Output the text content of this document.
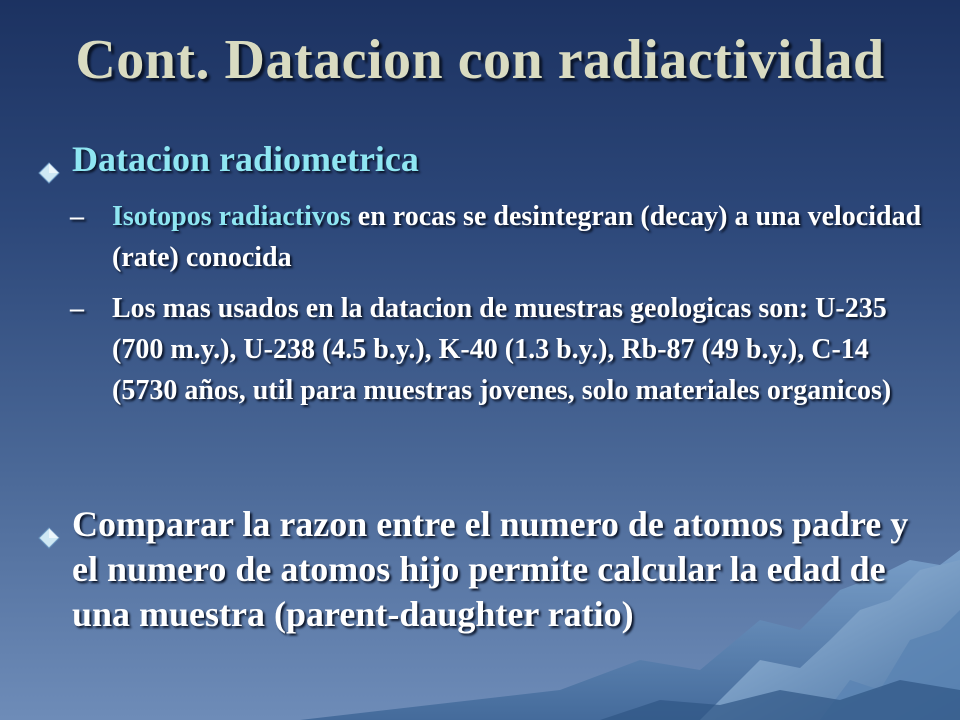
Cont. Datacion con radiactividad
Datacion radiometrica
–	Isotopos radiactivos en rocas se desintegran (decay) a una velocidad (rate) conocida
–	Los mas usados en la datacion de muestras geologicas son: U-235 (700 m.y.), U-238 (4.5 b.y.), K-40 (1.3 b.y.), Rb-87 (49 b.y.), C-14 (5730 años, util para muestras jovenes, solo materiales organicos)
Comparar la razon entre el numero de atomos padre y el numero de atomos hijo permite calcular la edad de una muestra (parent-daughter ratio)
